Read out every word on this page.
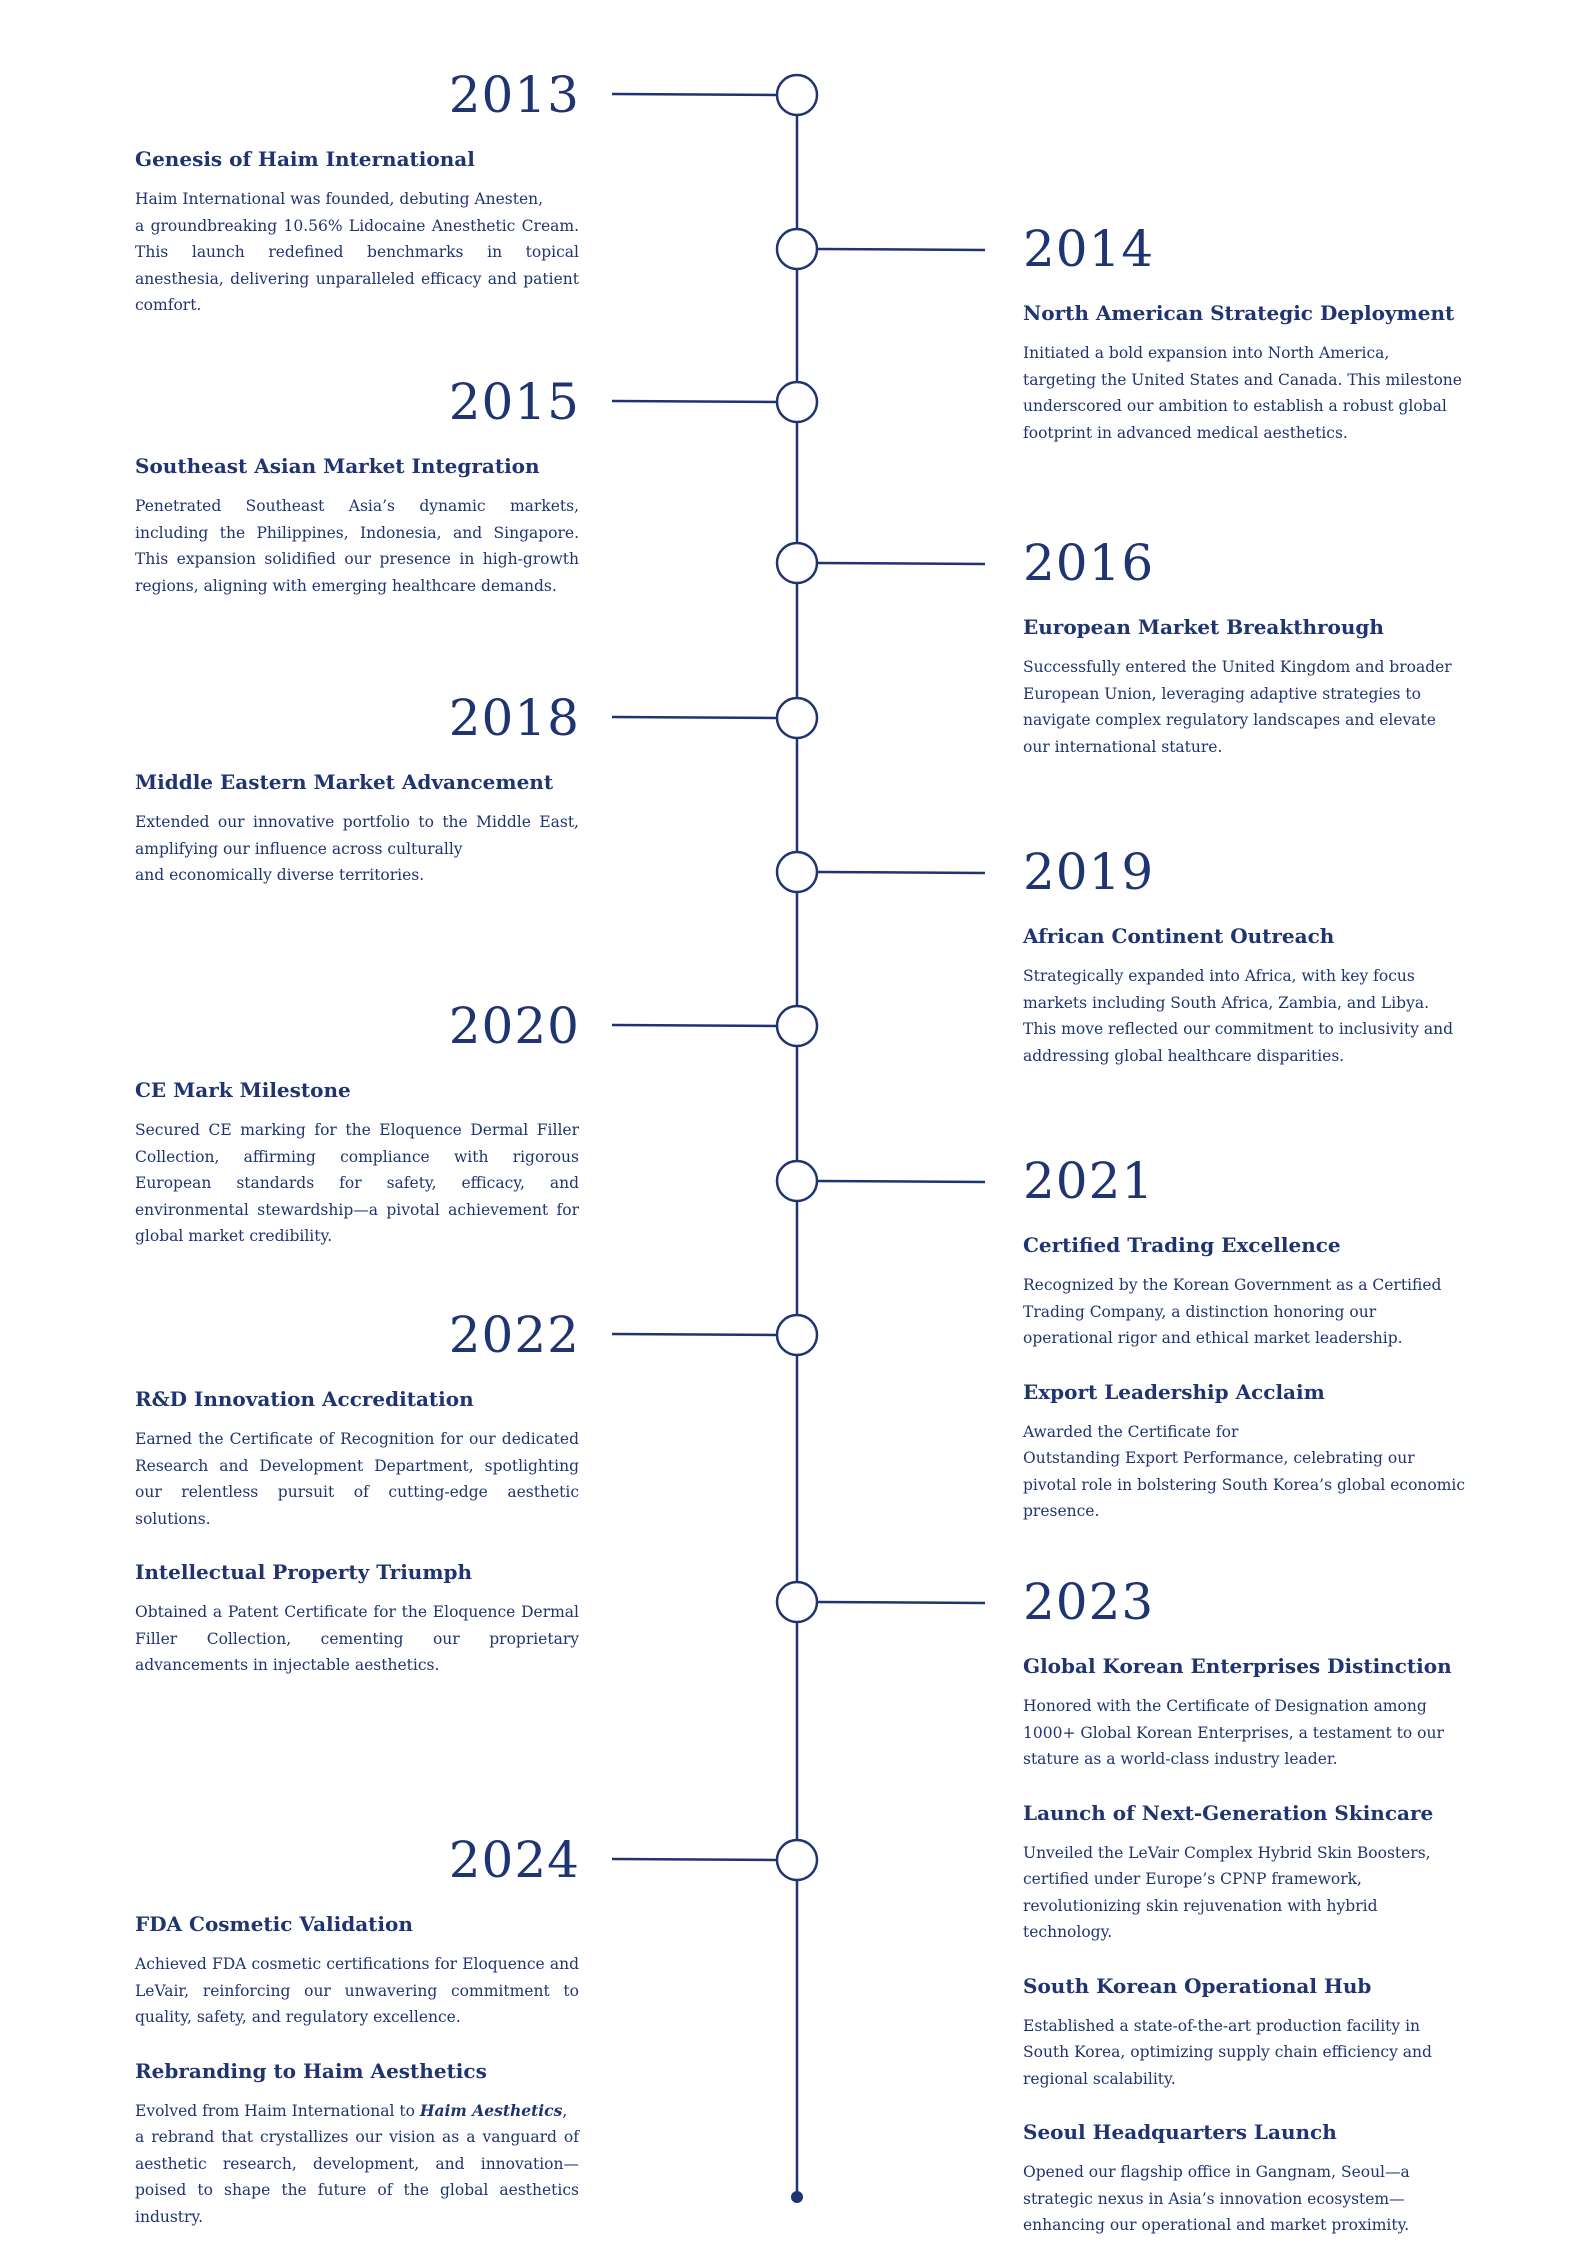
2013
Genesis of Haim International

Haim International was founded, debuting Anesten,
a groundbreaking 10.56% Lidocaine Anesthetic Cream. This launch redefined benchmarks in topical anesthesia, delivering unparalleled efficacy and patient comfort.

2014
North American Strategic Deployment

Initiated a bold expansion into North America, targeting the United States and Canada. This milestone underscored our ambition to establish a robust global footprint in advanced medical aesthetics.

2015
Southeast Asian Market Integration

Penetrated Southeast Asia’s dynamic markets, including the Philippines, Indonesia, and Singapore. This expansion solidified our presence in high-growth regions, aligning with emerging healthcare demands.	2016
European Market Breakthrough

Successfully entered the United Kingdom and broader European Union, leveraging adaptive strategies to navigate complex regulatory landscapes and elevate our international stature.

2018
Middle Eastern Market Advancement

Extended our innovative portfolio to the Middle East, amplifying our influence across culturally
and economically diverse territories.	2019
African Continent Outreach

Strategically expanded into Africa, with key focus markets including South Africa, Zambia, and Libya. This move reflected our commitment to inclusivity and addressing global healthcare disparities.

2020
CE Mark Milestone

Secured CE marking for the Eloquence Dermal Filler Collection, affirming compliance with rigorous European standards for safety, efficacy, and environmental stewardship—a pivotal achievement for global market credibility.

2021
Certified Trading Excellence

Recognized by the Korean Government as a Certified Trading Company, a distinction honoring our operational rigor and ethical market leadership.

Export Leadership Acclaim

Awarded the Certificate for
Outstanding Export Performance, celebrating our pivotal role in bolstering South Korea’s global economic presence.

2022
R&D Innovation Accreditation

Earned the Certificate of Recognition for our dedicated Research and Development Department, spotlighting our relentless pursuit of cutting-edge aesthetic solutions.

Intellectual Property Triumph

Obtained a Patent Certificate for the Eloquence Dermal Filler Collection, cementing our proprietary advancements in injectable aesthetics.

2023
Global Korean Enterprises Distinction

Honored with the Certificate of Designation among 1000+ Global Korean Enterprises, a testament to our stature as a world-class industry leader.

Launch of Next-Generation Skincare

Unveiled the LeVair Complex Hybrid Skin Boosters, certified under Europe’s CPNP framework, revolutionizing skin rejuvenation with hybrid technology.

South Korean Operational Hub

Established a state-of-the-art production facility in South Korea, optimizing supply chain efficiency and regional scalability.

Seoul Headquarters Launch

Opened our flagship office in Gangnam, Seoul—a strategic nexus in Asia’s innovation ecosystem—enhancing our operational and market proximity.

2024
FDA Cosmetic Validation

Achieved FDA cosmetic certifications for Eloquence and LeVair, reinforcing our unwavering commitment to quality, safety, and regulatory excellence.

Rebranding to Haim Aesthetics

Evolved from Haim International to Haim Aesthetics,
a rebrand that crystallizes our vision as a vanguard of aesthetic research, development, and innovation—poised to shape the future of the global aesthetics industry.
